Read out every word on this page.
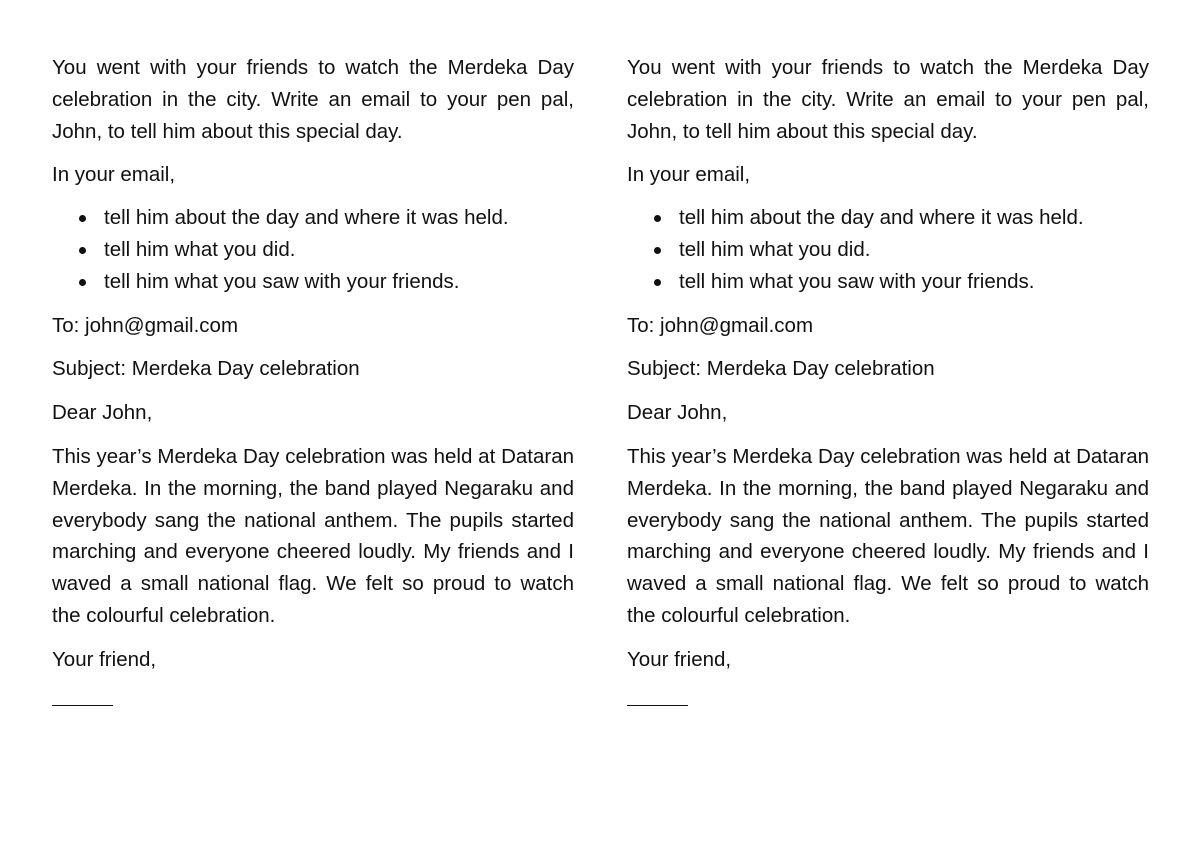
You went with your friends to watch the Merdeka Day celebration in the city. Write an email to your pen pal, John, to tell him about this special day.

In your email,

tell him about the day and where it was held.
tell him what you did.
tell him what you saw with your friends.

To: john@gmail.com

Subject: Merdeka Day celebration

Dear John,

This year’s Merdeka Day celebration was held at Dataran Merdeka. In the morning, the band played Negaraku and everybody sang the national anthem. The pupils started marching and everyone cheered loudly. My friends and I waved a small national flag. We felt so proud to watch the colourful celebration.

Your friend,

You went with your friends to watch the Merdeka Day celebration in the city. Write an email to your pen pal, John, to tell him about this special day.

In your email,

tell him about the day and where it was held.
tell him what you did.
tell him what you saw with your friends.

To: john@gmail.com

Subject: Merdeka Day celebration

Dear John,

This year’s Merdeka Day celebration was held at Dataran Merdeka. In the morning, the band played Negaraku and everybody sang the national anthem. The pupils started marching and everyone cheered loudly. My friends and I waved a small national flag. We felt so proud to watch the colourful celebration.

Your friend,
